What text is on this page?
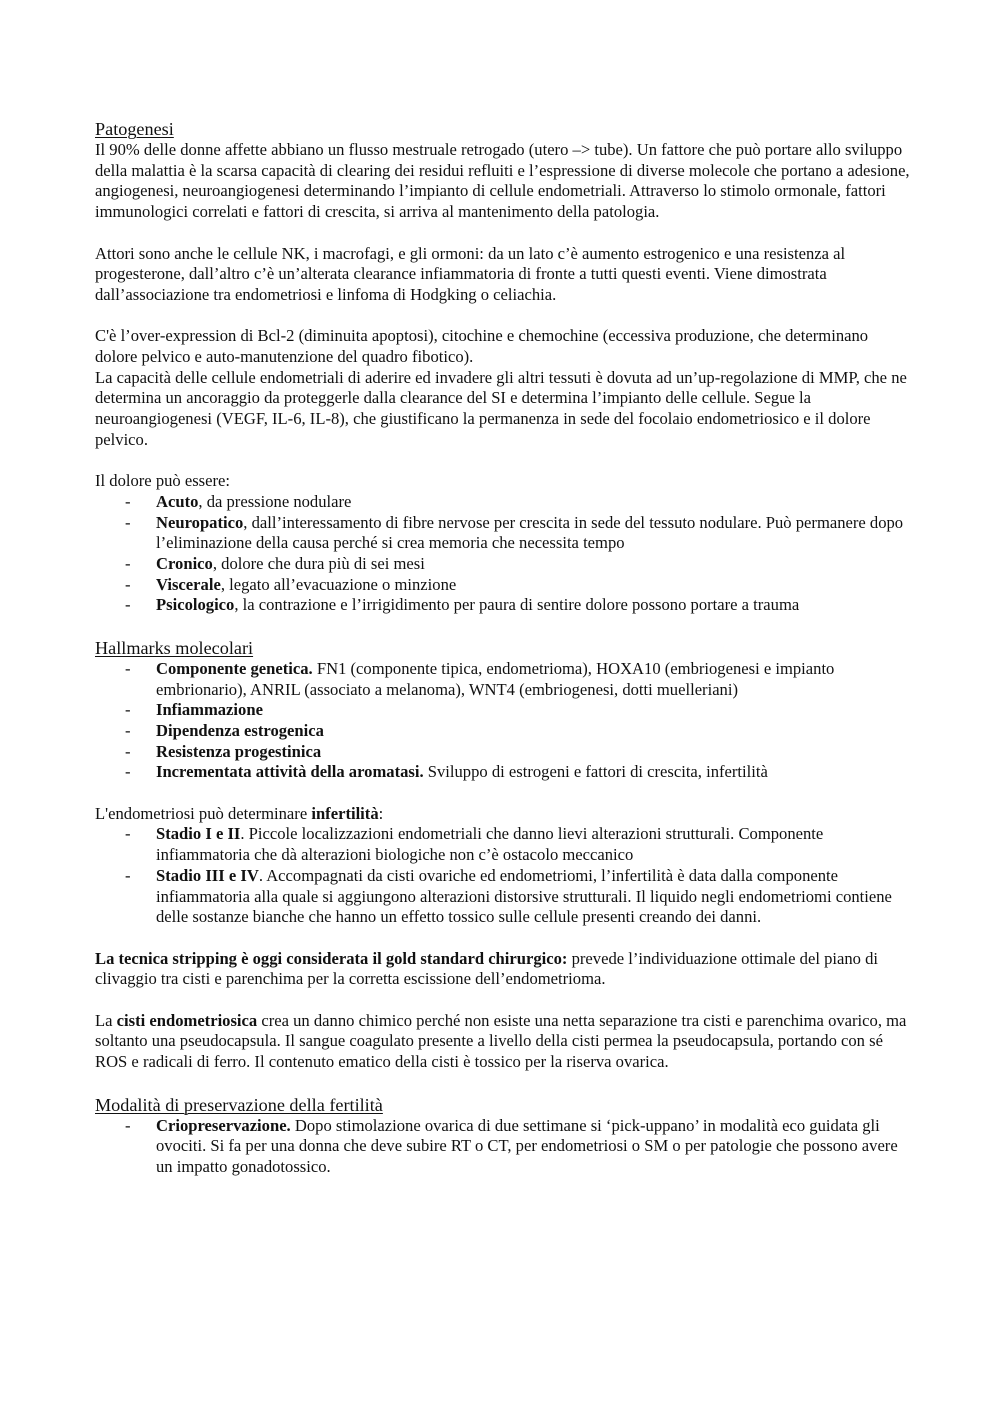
Patogenesi

Il 90% delle donne affette abbiano un flusso mestruale retrogado (utero –> tube). Un fattore che può portare allo sviluppo della malattia è la scarsa capacità di clearing dei residui refluiti e l’espressione di diverse molecole che portano a adesione, angiogenesi, neuroangiogenesi determinando l’impianto di cellule endometriali. Attraverso lo stimolo ormonale, fattori immunologici correlati e fattori di crescita, si arriva al mantenimento della patologia.

Attori sono anche le cellule NK, i macrofagi, e gli ormoni: da un lato c’è aumento estrogenico e una resistenza al progesterone, dall’altro c’è un’alterata clearance infiammatoria di fronte a tutti questi eventi. Viene dimostrata dall’associazione tra endometriosi e linfoma di Hodgking o celiachia.

C'è l’over-expression di Bcl-2 (diminuita apoptosi), citochine e chemochine (eccessiva produzione, che determinano dolore pelvico e auto-manutenzione del quadro fibotico).

La capacità delle cellule endometriali di aderire ed invadere gli altri tessuti è dovuta ad un’up-regolazione di MMP, che ne determina un ancoraggio da proteggerle dalla clearance del SI e determina l’impianto delle cellule. Segue la neuroangiogenesi (VEGF, IL-6, IL-8), che giustificano la permanenza in sede del focolaio endometriosico e il dolore pelvico.

Il dolore può essere:

- Acuto, da pressione nodulare
- Neuropatico, dall’interessamento di fibre nervose per crescita in sede del tessuto nodulare. Può permanere dopo l’eliminazione della causa perché si crea memoria che necessita tempo
- Cronico, dolore che dura più di sei mesi
- Viscerale, legato all’evacuazione o minzione
- Psicologico, la contrazione e l’irrigidimento per paura di sentire dolore possono portare a trauma
Hallmarks molecolari
- Componente genetica. FN1 (componente tipica, endometrioma), HOXA10 (embriogenesi e impianto embrionario), ANRIL (associato a melanoma), WNT4 (embriogenesi, dotti muelleriani)
- Infiammazione
- Dipendenza estrogenica
- Resistenza progestinica
- Incrementata attività della aromatasi. Sviluppo di estrogeni e fattori di crescita, infertilità

L'endometriosi può determinare infertilità:

- Stadio I e II. Piccole localizzazioni endometriali che danno lievi alterazioni strutturali. Componente infiammatoria che dà alterazioni biologiche non c’è ostacolo meccanico
- Stadio III e IV. Accompagnati da cisti ovariche ed endometriomi, l’infertilità è data dalla componente infiammatoria alla quale si aggiungono alterazioni distorsive strutturali. Il liquido negli endometriomi contiene delle sostanze bianche che hanno un effetto tossico sulle cellule presenti creando dei danni.

La tecnica stripping è oggi considerata il gold standard chirurgico: prevede l’individuazione ottimale del piano di clivaggio tra cisti e parenchima per la corretta escissione dell’endometrioma.

La cisti endometriosica crea un danno chimico perché non esiste una netta separazione tra cisti e parenchima ovarico, ma soltanto una pseudocapsula. Il sangue coagulato presente a livello della cisti permea la pseudocapsula, portando con sé ROS e radicali di ferro. Il contenuto ematico della cisti è tossico per la riserva ovarica.

Modalità di preservazione della fertilità
- Criopreservazione. Dopo stimolazione ovarica di due settimane si ‘pick-uppano’ in modalità eco guidata gli ovociti. Si fa per una donna che deve subire RT o CT, per endometriosi o SM o per patologie che possono avere un impatto gonadotossico.
